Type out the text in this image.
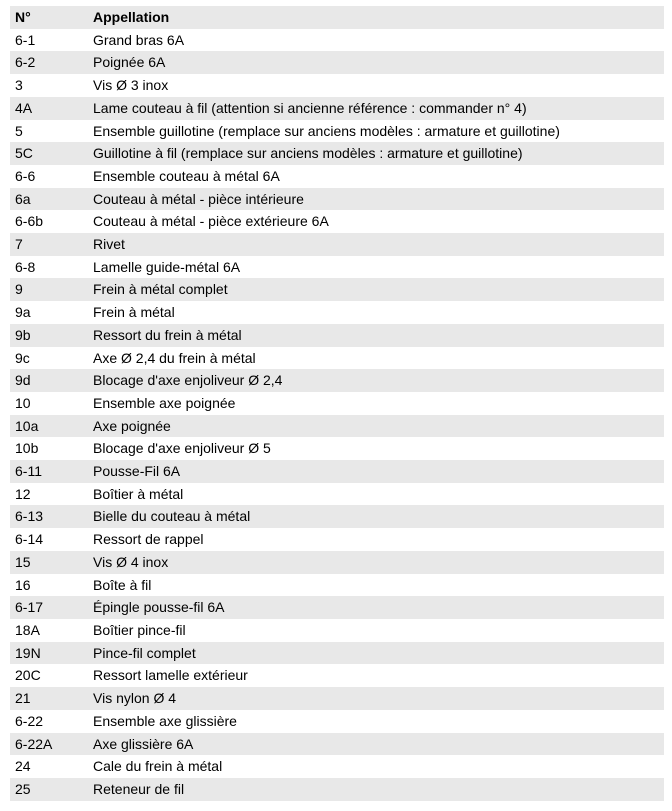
N°	Appellation
6-1	Grand bras 6A
6-2	Poignée 6A
3	Vis Ø 3 inox
4A	Lame couteau à fil (attention si ancienne référence : commander n° 4)
5	Ensemble guillotine (remplace sur anciens modèles : armature et guillotine)
5C	Guillotine à fil (remplace sur anciens modèles : armature et guillotine)
6-6	Ensemble couteau à métal 6A
6a	Couteau à métal - pièce intérieure
6-6b	Couteau à métal - pièce extérieure 6A
7	Rivet
6-8	Lamelle guide-métal 6A
9	Frein à métal complet
9a	Frein à métal
9b	Ressort du frein à métal
9c	Axe Ø 2,4 du frein à métal
9d	Blocage d'axe enjoliveur Ø 2,4
10	Ensemble axe poignée
10a	Axe poignée
10b	Blocage d'axe enjoliveur Ø 5
6-11	Pousse-Fil 6A
12	Boîtier à métal
6-13	Bielle du couteau à métal
6-14	Ressort de rappel
15	Vis Ø 4 inox
16	Boîte à fil
6-17	Épingle pousse-fil 6A
18A	Boîtier pince-fil
19N	Pince-fil complet
20C	Ressort lamelle extérieur
21	Vis nylon Ø 4
6-22	Ensemble axe glissière
6-22A	Axe glissière 6A
24	Cale du frein à métal
25	Reteneur de fil
